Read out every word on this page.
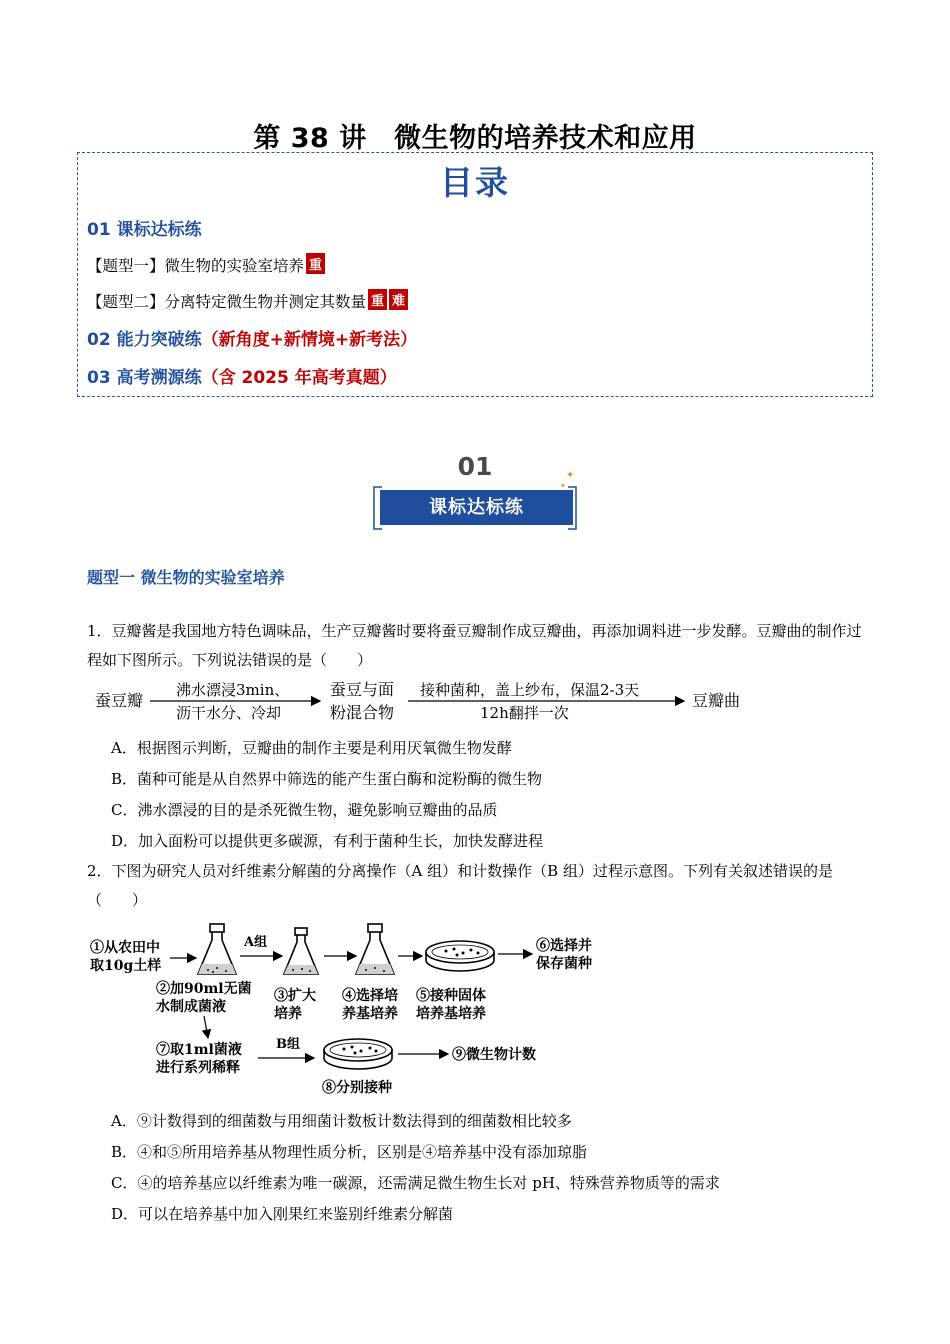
第 38 讲　微生物的培养技术和应用
目录
01 课标达标练
【题型一】微生物的实验室培养 重
【题型二】分离特定微生物并测定其数量 重 难
02 能力突破练（新角度+新情境+新考法）
03 高考溯源练（含 2025 年高考真题）
01
课标达标练
✦
✦
题型一 微生物的实验室培养
1．豆瓣酱是我国地方特色调味品，生产豆瓣酱时要将蚕豆瓣制作成豆瓣曲，再添加调料进一步发酵。豆瓣曲的制作过程如下图所示。下列说法错误的是（　　）
蚕豆瓣
沸水漂浸3min、
沥干水分、冷却
蚕豆与面
粉混合物
接种菌种，盖上纱布，保温2-3天
12h翻拌一次
豆瓣曲
A．根据图示判断，豆瓣曲的制作主要是利用厌氧微生物发酵
B．菌种可能是从自然界中筛选的能产生蛋白酶和淀粉酶的微生物
C．沸水漂浸的目的是杀死微生物，避免影响豆瓣曲的品质
D．加入面粉可以提供更多碳源，有利于菌种生长，加快发酵进程
2．下图为研究人员对纤维素分解菌的分离操作（A 组）和计数操作（B 组）过程示意图。下列有关叙述错误的是（　　）
①从农田中
取10g土样
A组	⑥选择并
保存菌种
②加90ml无菌
水制成菌液
③扩大
培养
④选择培
养基培养
⑤接种固体
培养基培养
⑦取1ml菌液
进行系列稀释
B组
⑨微生物计数
⑧分别接种
A．⑨计数得到的细菌数与用细菌计数板计数法得到的细菌数相比较多
B．④和⑤所用培养基从物理性质分析，区别是④培养基中没有添加琼脂
C．④的培养基应以纤维素为唯一碳源，还需满足微生物生长对 pH、特殊营养物质等的需求
D．可以在培养基中加入刚果红来鉴别纤维素分解菌
